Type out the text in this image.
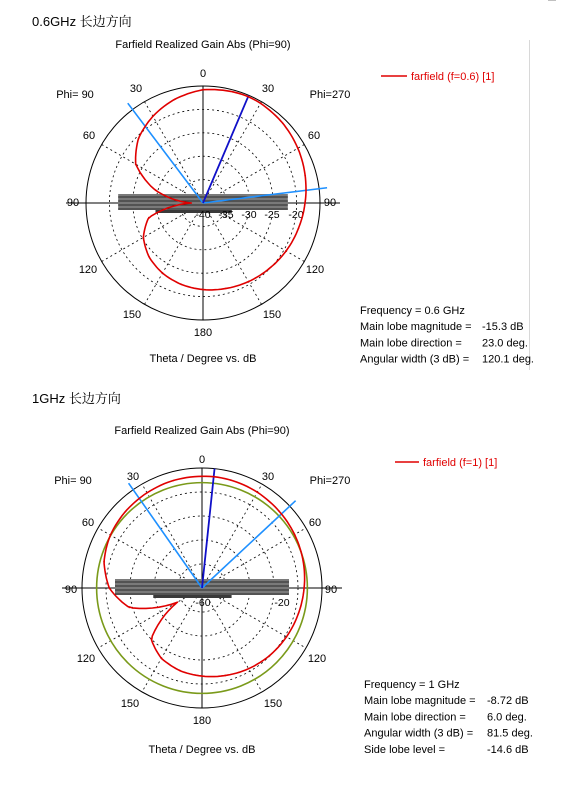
0.6GHz 长边方向
1GHz 长边方向
Farfield Realized Gain Abs (Phi=90)
Theta / Degree vs. dB
Phi= 90	Phi=270
0
30	30
60	60
90	90
120	120
150	150
180
-40 -35 -30 -25 -20
farfield (f=0.6) [1]
Frequency = 0.6 GHz
Main lobe magnitude = -15.3 dB
Main lobe direction = 23.0 deg.
Angular width (3 dB) = 120.1 deg.
Farfield Realized Gain Abs (Phi=90)
Theta / Degree vs. dB
Phi= 90	Phi=270
0
30	30
60	60
90	90
120	120
150	150
180
-60	-20
farfield (f=1) [1]
Frequency = 1 GHz
Main lobe magnitude = -8.72 dB
Main lobe direction = 6.0 deg.
Angular width (3 dB) = 81.5 deg.
Side lobe level =	-14.6 dB
